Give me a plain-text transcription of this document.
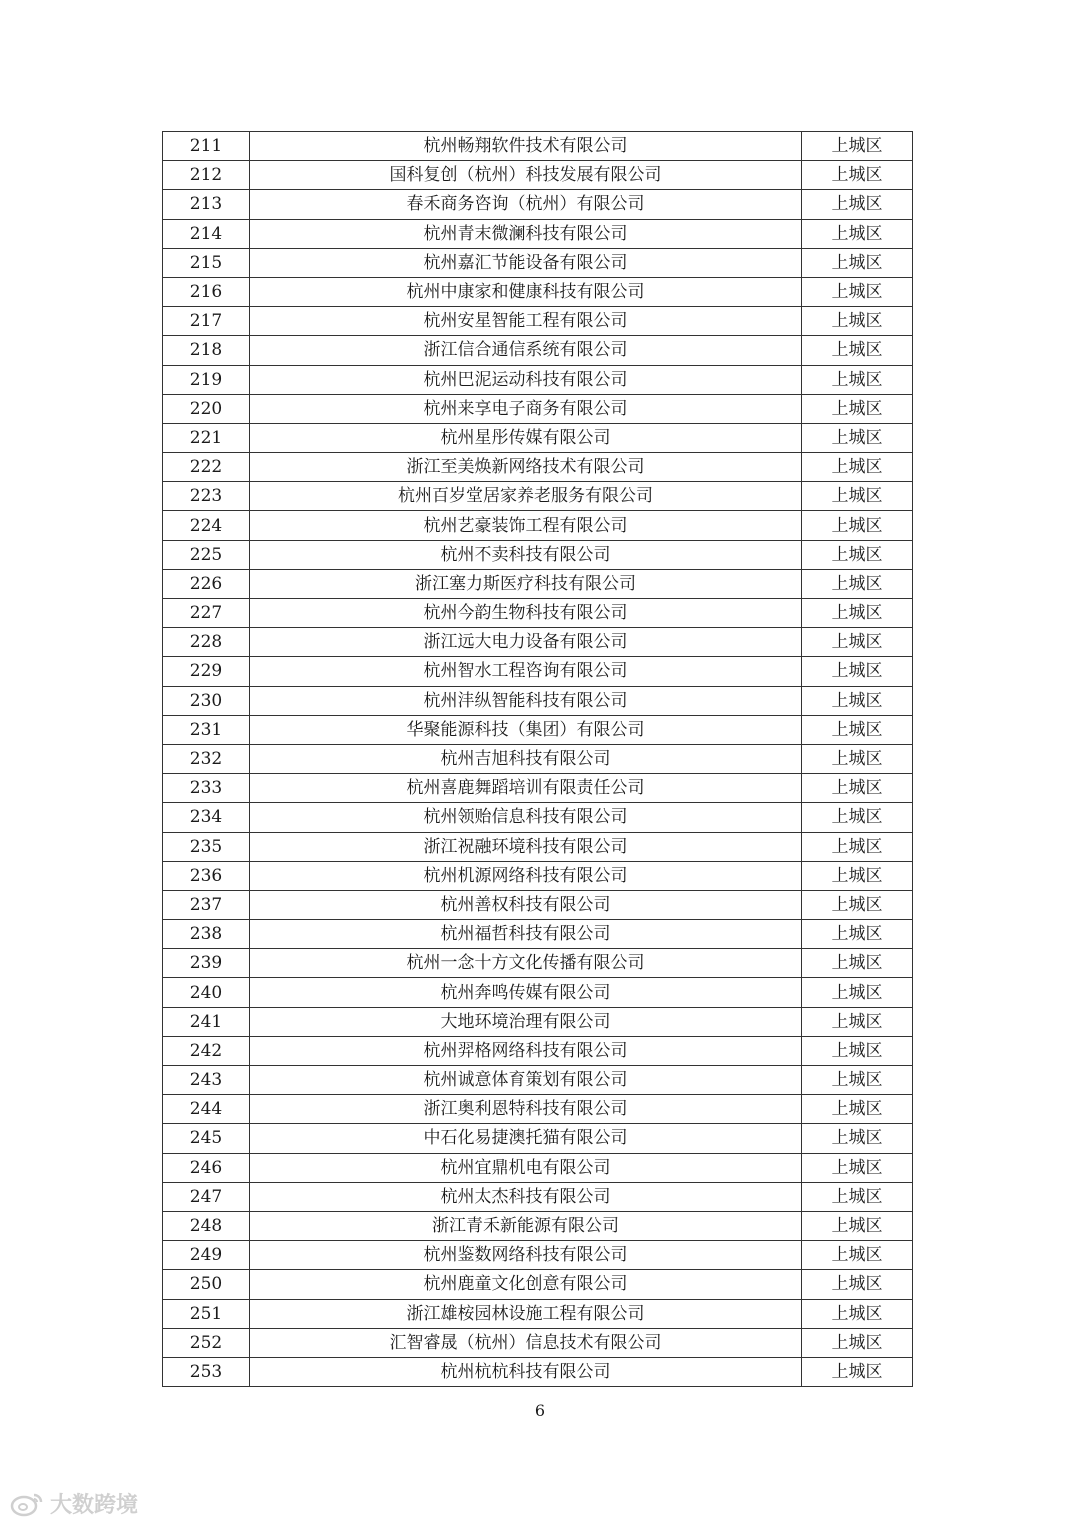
211	杭州畅翔软件技术有限公司	上城区
212	国科复创（杭州）科技发展有限公司	上城区
213	春禾商务咨询（杭州）有限公司	上城区
214	杭州青末微澜科技有限公司	上城区
215	杭州嘉汇节能设备有限公司	上城区
216	杭州中康家和健康科技有限公司	上城区
217	杭州安星智能工程有限公司	上城区
218	浙江信合通信系统有限公司	上城区
219	杭州巴泥运动科技有限公司	上城区
220	杭州来享电子商务有限公司	上城区
221	杭州星彤传媒有限公司	上城区
222	浙江至美焕新网络技术有限公司	上城区
223	杭州百岁堂居家养老服务有限公司	上城区
224	杭州艺豪装饰工程有限公司	上城区
225	杭州不卖科技有限公司	上城区
226	浙江塞力斯医疗科技有限公司	上城区
227	杭州今韵生物科技有限公司	上城区
228	浙江远大电力设备有限公司	上城区
229	杭州智水工程咨询有限公司	上城区
230	杭州沣纵智能科技有限公司	上城区
231	华聚能源科技（集团）有限公司	上城区
232	杭州吉旭科技有限公司	上城区
233	杭州喜鹿舞蹈培训有限责任公司	上城区
234	杭州领贻信息科技有限公司	上城区
235	浙江祝融环境科技有限公司	上城区
236	杭州机源网络科技有限公司	上城区
237	杭州善权科技有限公司	上城区
238	杭州福哲科技有限公司	上城区
239	杭州一念十方文化传播有限公司	上城区
240	杭州奔鸣传媒有限公司	上城区
241	大地环境治理有限公司	上城区
242	杭州羿格网络科技有限公司	上城区
243	杭州诚意体育策划有限公司	上城区
244	浙江奥利恩特科技有限公司	上城区
245	中石化易捷澳托猫有限公司	上城区
246	杭州宜鼎机电有限公司	上城区
247	杭州太杰科技有限公司	上城区
248	浙江青禾新能源有限公司	上城区
249	杭州鉴数网络科技有限公司	上城区
250	杭州鹿童文化创意有限公司	上城区
251	浙江雄桉园林设施工程有限公司	上城区
252	汇智睿晟（杭州）信息技术有限公司	上城区
253	杭州杭杭科技有限公司	上城区
6
大数跨境
